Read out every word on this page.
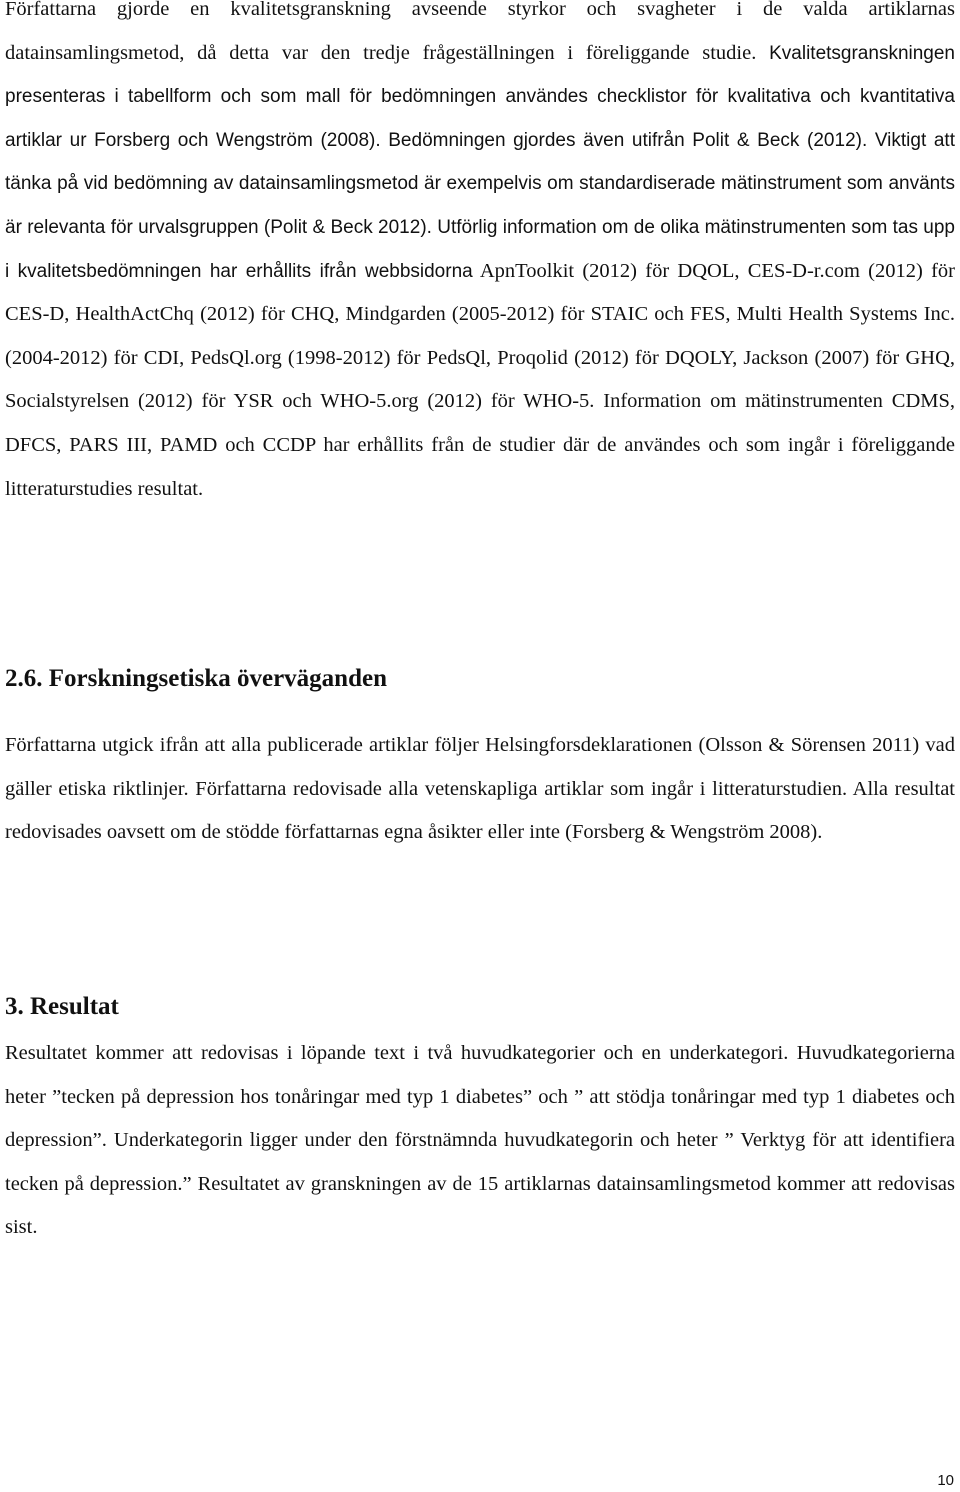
Författarna gjorde en kvalitetsgranskning avseende styrkor och svagheter i de valda artiklarnas datainsamlingsmetod, då detta var den tredje frågeställningen i föreliggande studie. Kvalitetsgranskningen presenteras i tabellform och som mall för bedömningen användes checklistor för kvalitativa och kvantitativa artiklar ur Forsberg och Wengström (2008). Bedömningen gjordes även utifrån Polit & Beck (2012). Viktigt att tänka på vid bedömning av datainsamlingsmetod är exempelvis om standardiserade mätinstrument som använts är relevanta för urvalsgruppen (Polit & Beck 2012). Utförlig information om de olika mätinstrumenten som tas upp i kvalitetsbedömningen har erhållits ifrån webbsidorna ApnToolkit (2012) för DQOL, CES-D-r.com (2012) för CES-D, HealthActChq (2012) för CHQ, Mindgarden (2005-2012) för STAIC och FES, Multi Health Systems Inc. (2004-2012) för CDI, PedsQl.org (1998-2012) för PedsQl, Proqolid (2012) för DQOLY, Jackson (2007) för GHQ, Socialstyrelsen (2012) för YSR och WHO-5.org (2012) för WHO-5. Information om mätinstrumenten CDMS, DFCS, PARS III, PAMD och CCDP har erhållits från de studier där de användes och som ingår i föreliggande litteraturstudies resultat.

2.6. Forskningsetiska överväganden

Författarna utgick ifrån att alla publicerade artiklar följer Helsingforsdeklarationen (Olsson & Sörensen 2011) vad gäller etiska riktlinjer. Författarna redovisade alla vetenskapliga artiklar som ingår i litteraturstudien. Alla resultat redovisades oavsett om de stödde författarnas egna åsikter eller inte (Forsberg & Wengström 2008).

3. Resultat

Resultatet kommer att redovisas i löpande text i två huvudkategorier och en underkategori. Huvudkategorierna heter ”tecken på depression hos tonåringar med typ 1 diabetes” och ” att stödja tonåringar med typ 1 diabetes och depression”. Underkategorin ligger under den förstnämnda huvudkategorin och heter ” Verktyg för att identifiera tecken på depression.” Resultatet av granskningen av de 15 artiklarnas datainsamlingsmetod kommer att redovisas sist.

10
